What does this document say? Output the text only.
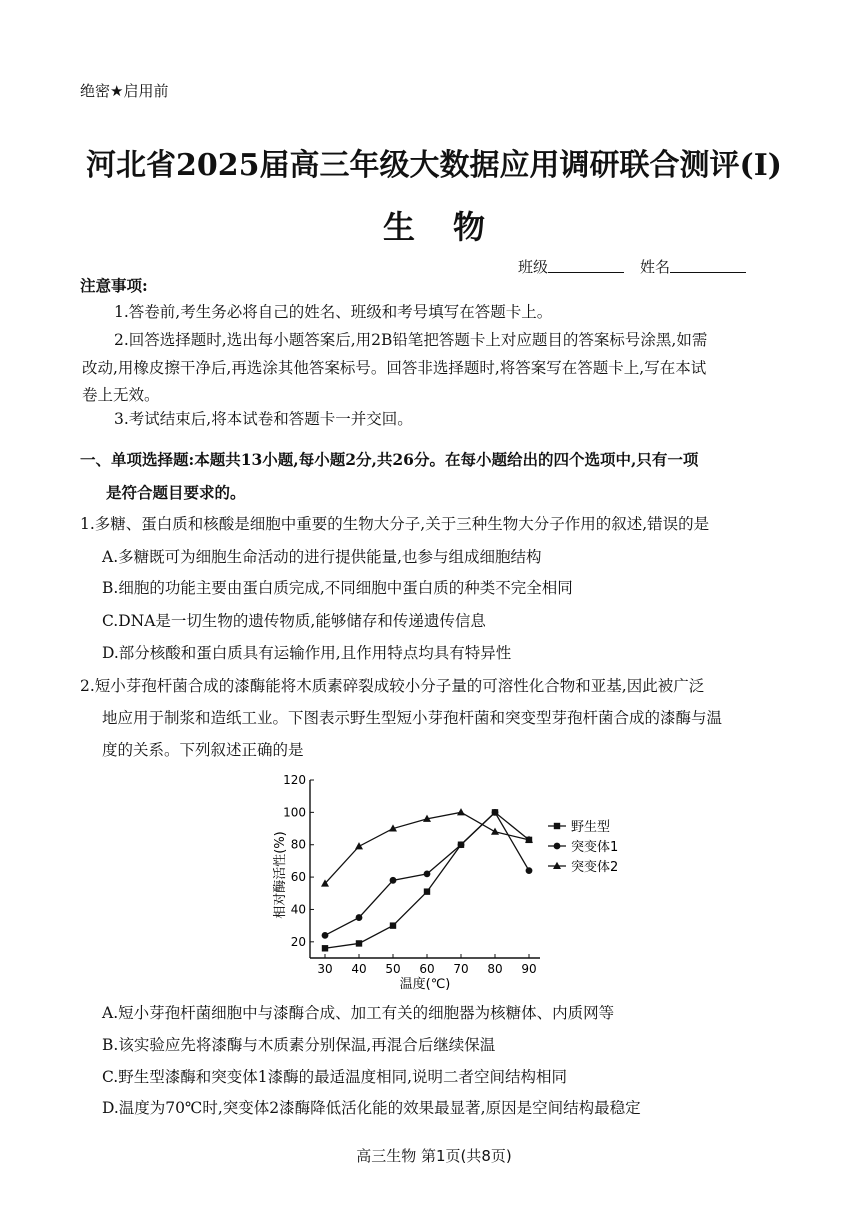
绝密★启用前
河北省2025届高三年级大数据应用调研联合测评(Ⅰ)
生物
班级	姓名
注意事项:
1.答卷前,考生务必将自己的姓名、班级和考号填写在答题卡上。
2.回答选择题时,选出每小题答案后,用2B铅笔把答题卡上对应题目的答案标号涂黑,如需
改动,用橡皮擦干净后,再选涂其他答案标号。回答非选择题时,将答案写在答题卡上,写在本试
卷上无效。
3.考试结束后,将本试卷和答题卡一并交回。
一、单项选择题:本题共13小题,每小题2分,共26分。在每小题给出的四个选项中,只有一项
是符合题目要求的。
1.多糖、蛋白质和核酸是细胞中重要的生物大分子,关于三种生物大分子作用的叙述,错误的是
A.多糖既可为细胞生命活动的进行提供能量,也参与组成细胞结构
B.细胞的功能主要由蛋白质完成,不同细胞中蛋白质的种类不完全相同
C.DNA是一切生物的遗传物质,能够储存和传递遗传信息
D.部分核酸和蛋白质具有运输作用,且作用特点均具有特异性
2.短小芽孢杆菌合成的漆酶能将木质素碎裂成较小分子量的可溶性化合物和亚基,因此被广泛
地应用于制浆和造纸工业。下图表示野生型短小芽孢杆菌和突变型芽孢杆菌合成的漆酶与温
度的关系。下列叙述正确的是
20
40
60
80
100
120
30 40 50 60 70 80 90
野生型
突变体1
突变体2
温度(℃)
相对酶活性(%)
A.短小芽孢杆菌细胞中与漆酶合成、加工有关的细胞器为核糖体、内质网等
B.该实验应先将漆酶与木质素分别保温,再混合后继续保温
C.野生型漆酶和突变体1漆酶的最适温度相同,说明二者空间结构相同
D.温度为70℃时,突变体2漆酶降低活化能的效果最显著,原因是空间结构最稳定
高三生物 第1页(共8页)
